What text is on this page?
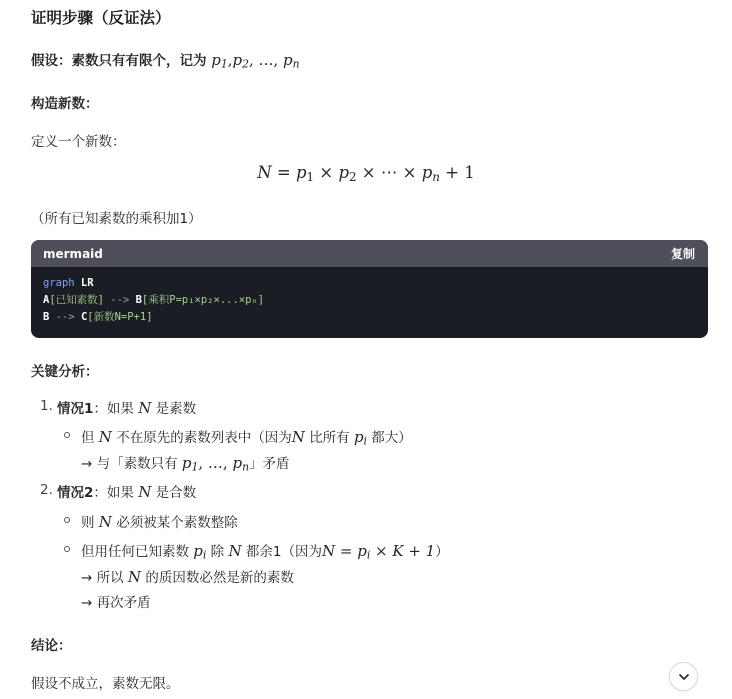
证明步骤（反证法）
假设：素数只有有限个，记为 $p_1,p_2$, …, $p_n$
构造新数：
定义一个新数：
$N = p_1 \times p_2$ × ⋯ × $p_n + 1$
（所有已知素数的乘积加1）
mermaid	复制
graph LR
A[已知素数] --> B[乘积P=p₁×p₂×...×pₙ]
B --> C[新数N=P+1]
关键分析：
1. 情况1：如果 N 是素数
但 N 不在原先的素数列表中（因为N 比所有 $p_i$ 都大）
→ 与「素数只有 $p_1$, …, $p_n$」矛盾
2. 情况2：如果 N 是合数
则 N 必须被某个素数整除
但用任何已知素数 $p_i$ 除 N 都余1（因为$N = p_i \times K + 1$）
→ 所以 N 的质因数必然是新的素数
→ 再次矛盾
结论：
假设不成立，素数无限。
